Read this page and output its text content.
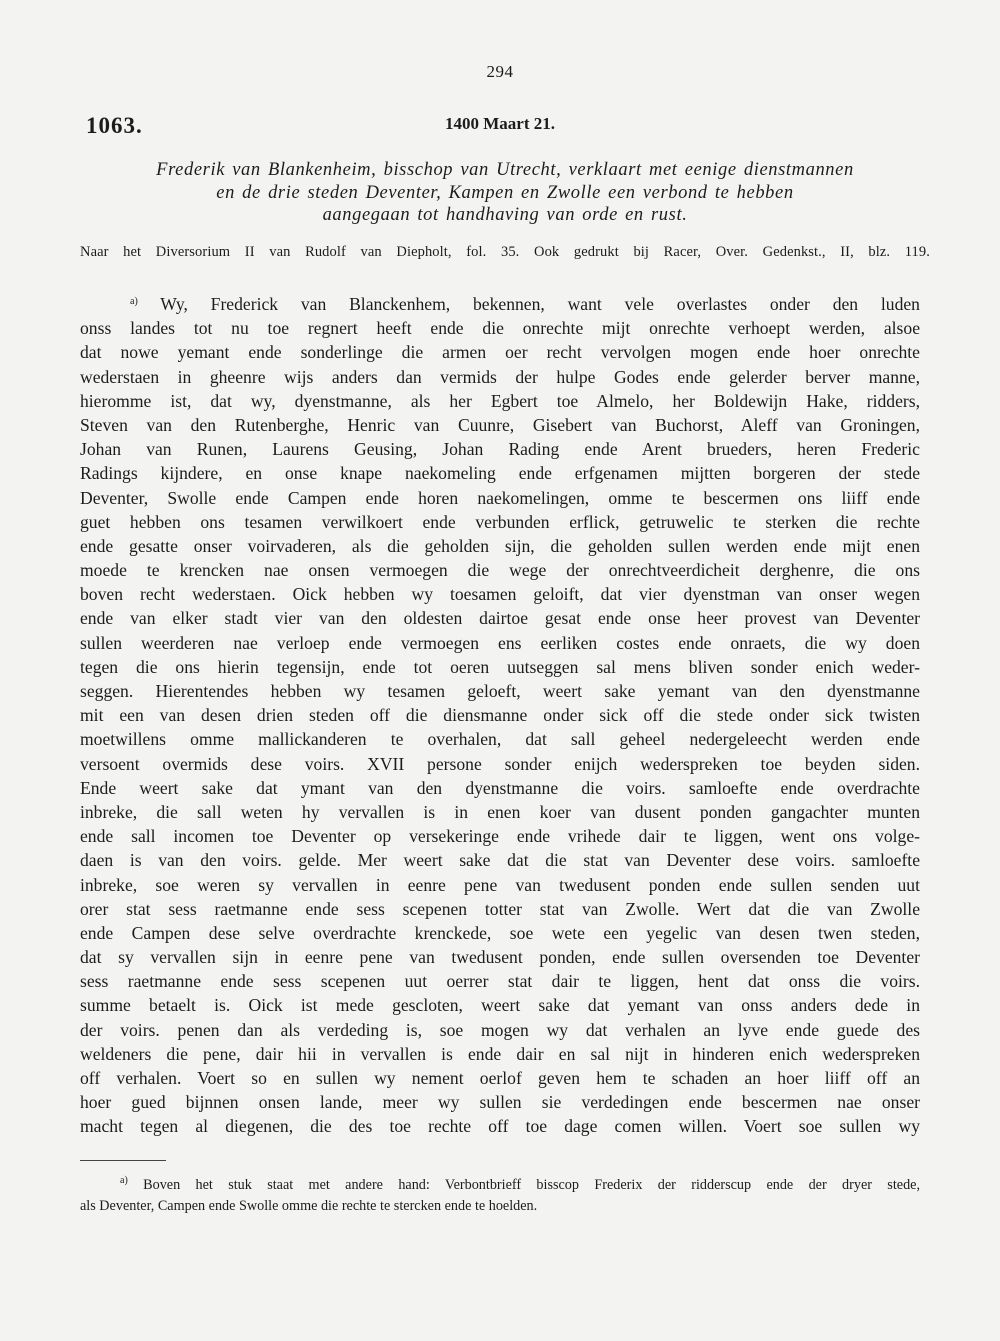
294
1063.	1400 Maart 21.
Frederik van Blankenheim, bisschop van Utrecht, verklaart met eenige dienstmannen
en de drie steden Deventer, Kampen en Zwolle een verbond te hebben
aangegaan tot handhaving van orde en rust.
Naar het Diversorium II van Rudolf van Diepholt, fol. 35. Ook gedrukt bij Racer, Over. Gedenkst., II, blz. 119.
$^{a)}$ Wy, Frederick van Blanckenhem, bekennen, want vele overlastes onder den luden
onss landes tot nu toe regnert heeft ende die onrechte mijt onrechte verhoept werden, alsoe
dat nowe yemant ende sonderlinge die armen oer recht vervolgen mogen ende hoer onrechte
wederstaen in gheenre wijs anders dan vermids der hulpe Godes ende gelerder berver manne,
hieromme ist, dat wy, dyenstmanne, als her Egbert toe Almelo, her Boldewijn Hake, ridders,
Steven van den Rutenberghe, Henric van Cuunre, Gisebert van Buchorst, Aleff van Groningen,
Johan van Runen, Laurens Geusing, Johan Rading ende Arent brueders, heren Frederic
Radings kijndere, en onse knape naekomeling ende erfgenamen mijtten borgeren der stede
Deventer, Swolle ende Campen ende horen naekomelingen, omme te bescermen ons liiff ende
guet hebben ons tesamen verwilkoert ende verbunden erflick, getruwelic te sterken die rechte
ende gesatte onser voirvaderen, als die geholden sijn, die geholden sullen werden ende mijt enen
moede te krencken nae onsen vermoegen die wege der onrechtveerdicheit derghenre, die ons
boven recht wederstaen. Oick hebben wy toesamen geloift, dat vier dyenstman van onser wegen
ende van elker stadt vier van den oldesten dairtoe gesat ende onse heer provest van Deventer
sullen weerderen nae verloep ende vermoegen ens eerliken costes ende onraets, die wy doen
tegen die ons hierin tegensijn, ende tot oeren uutseggen sal mens bliven sonder enich weder-
seggen. Hierentendes hebben wy tesamen geloeft, weert sake yemant van den dyenstmanne
mit een van desen drien steden off die diensmanne onder sick off die stede onder sick twisten
moetwillens omme mallickanderen te overhalen, dat sall geheel nedergeleecht werden ende
versoent overmids dese voirs. XVII persone sonder enijch wederspreken toe beyden siden.
Ende weert sake dat ymant van den dyenstmanne die voirs. samloefte ende overdrachte
inbreke, die sall weten hy vervallen is in enen koer van dusent ponden gangachter munten
ende sall incomen toe Deventer op versekeringe ende vrihede dair te liggen, went ons volge-
daen is van den voirs. gelde. Mer weert sake dat die stat van Deventer dese voirs. samloefte
inbreke, soe weren sy vervallen in eenre pene van twedusent ponden ende sullen senden uut
orer stat sess raetmanne ende sess scepenen totter stat van Zwolle. Wert dat die van Zwolle
ende Campen dese selve overdrachte krenckede, soe wete een yegelic van desen twen steden,
dat sy vervallen sijn in eenre pene van twedusent ponden, ende sullen oversenden toe Deventer
sess raetmanne ende sess scepenen uut oerrer stat dair te liggen, hent dat onss die voirs.
summe betaelt is. Oick ist mede gescloten, weert sake dat yemant van onss anders dede in
der voirs. penen dan als verdeding is, soe mogen wy dat verhalen an lyve ende guede des
weldeners die pene, dair hii in vervallen is ende dair en sal nijt in hinderen enich wederspreken
off verhalen. Voert so en sullen wy nement oerlof geven hem te schaden an hoer liiff off an
hoer gued bijnnen onsen lande, meer wy sullen sie verdedingen ende bescermen nae onser
macht tegen al diegenen, die des toe rechte off toe dage comen willen. Voert soe sullen wy
$^{a)}$ Boven het stuk staat met andere hand: Verbontbrieff bisscop Frederix der ridderscup ende der dryer stede,
als Deventer, Campen ende Swolle omme die rechte te stercken ende te hoelden.
